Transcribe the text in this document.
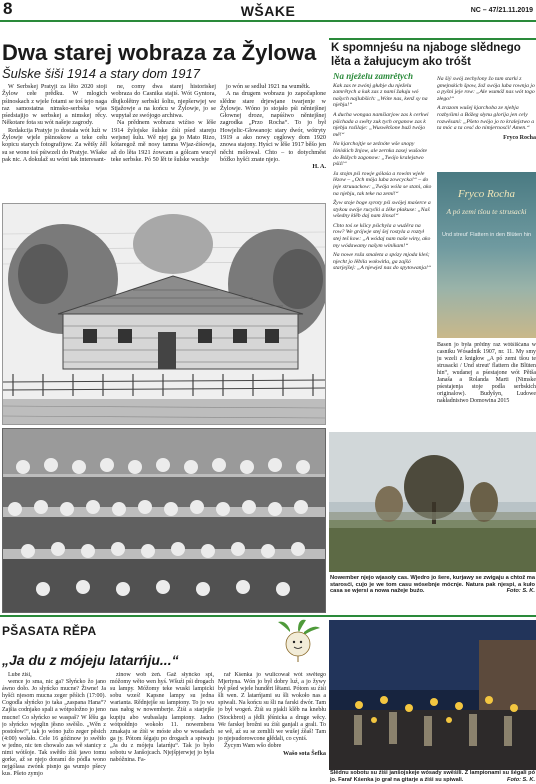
8	WŠAKE	NC – 47/21.11.2019
Dwa starej wobraza za Žylowa
Šulske šiši 1914 a stary dom 1917

W Serbskej Pratyji za lěto 2020 stoji Žylow cełe prědku. W mlogich pśinoskach z wjele fotami se toś tejo naga raz samostatna nimsko-serbska wjas pśedstajijo w serbskej a nimskej rěcy. Někotare fota su wót našeje zagrody.

Redakcija Pratyje jo dostała wót luźi w Žylowje wjele pśinoskow a teke cełu kopicu starych fotografijow. Za wětšy źěl su se wone toś pśiwzeli do Pratyje. Wšake pak nic. A dokulaž su wóni tak interesant-

ne, comy dwa starej historiskej wobraza do Casnika stajiś. Wót Gyntora, dłujkolětny serbski šoltu, njepšerwjej we Stjažowje a na końcu w Žylowje, jo se wupytał ze swójogo archiwa.

Na prědnem wobrazu wiźiso w lěše 1914 žylojske šulske źiśi pśed stareju wejsnej šulu. Wě njej ga jo Mato Rizo, kótaregož mě nosy tamna Wjaz-źiśowja, až do lěta 1921 źowcam a gólcam wucył teke serbske. Pó 50 lět te šulske wuchje

jo wón se sedluł 1921 na wumětk.

A na drugem wobrazu jo započaplone slědne stare drjewjane twarjenje w Žylowje. Wóno jo stojało pśi něntejšnej Głownej droze, napśśiwo něntejšnej zagrodka „Przo Rocha“. To jo był Howjelic-Głowanojc stary dwór, wótryty 1919 a ako nowy cęglowy dom 1920 znowa stajony. Hyści w lěše 1917 běšo jen něcht mólował. Chto – to dotychměst bóžko hyšći znate njejo.

H. A.
K spomnjeśu na njaboge slědnego lěta a žałujucym ako tróšt
Na nježelu zamrětych
Kak zas te zwónj głubje du nježelu zamrětych a kak zas z namí žałuju wó našych najlubšich: „Wóte nas, kenž sy na njebju!“
A ducha wongaa namšiarjow zas k cerkwi pśichada a swěty zuk tych organow zas k njebju roźilaje: „Wuswětšone buźi twójo mě!“
Na kjarchojtje se zeźnóte wše snopy lóniskich žnjow, ale zernka zasej wušoóte do Bóžych zagonow: „Twójo kralejstwo pśiź!“
Ja stojm pśi rowje gólaśa a rowim wjele lězow – „Och mója luba zowcycka!“ – do jeje struuackow: „Twója wóla se stani, ako na njebju, tak teke na zemi!“
Žyw stoje boge syroty pśi swójej maśerce a stykou swóje rucyćki a źěke płakuse: „Naš wšedny klěb daj nam źinsa!“
Chto toś se kšicy pśichyla a wuźěra na row? We grójwje stej šej rostyla a roztył stej teš kow: „A wódaj nam naše winy, ako my wódawamy našym winikam!“
Na nowe roža smaleta a spózy mjoda kleś; njecht jo lěbila wokwitla, ga zajšó starjejšej: „A njewjeź nas do spytowanja!“
Na šiý swój zechylony žo tam starki z gmejnskich špow, žož swója luba rownja jo a pyšni jeje row: „Ale wumóž nas wót togo złego!“
A zrazom wušej kjarchoba ze njebja rozbyśimi a Bóžeg słynu glorija jen cely rozwěsaní: „Pšeto twójo jo to kralejstwo a ta móc a ta cesć do nimjernosći! Amen.“
Fryco Rocha
Fryco Rocha
A pó zemi tšou te strusacki
Und streut' Flattern in den Blüten hin
Basen jo była prědny raz wótśišćana w casniku Wósadnik 1907, nr. 11. My smy ju wzeli z knigłow „A pó zemi tšou te strusacki / Und streut' flattern die Blüten hin“, wudanej a pśestajone wót Pětša Janaša a Rolanda Marti (Nimske pśestajenja stoje podla serbskich originalow). Budyšyn, Ludowe nakładnistwo Domowina 2015
Nowember njejo wjasoły cas. Wjedro jo šere, kurjawy se zwigaju a chtož ma starosći, cujo je we tom casu wósebnje mócnje. Natura pak njespi, a kuło casa se wjersi a nowa nažeje buźo.	Foto: S. K.
PŠASATA RĚPA
„Ja du z mójeju latarńju...“

Lube źiśi,

wence jo sma, nic ga? Słyńcko žo jano áwno doło. Jo słyńcko mucne? Žiwne! Ja hyšći njesom mucna zeger pěśich (17:00). Cogodla słyńcko jo taka „zaspana Hana“? Zajšia codnjako spali a wótpoložno jo jeno mucne! Co słyńcko se waspaš? W lěšu ga jo słyńcko wjeglin jěsno swěślo. „Wěn z postołow!“, tak jo wóno južo zeger pěsich (4:00) wołało. Cele 16 góźinow jo swětło w jedno, nic ten chowalo zas wě stanicy z nimi wótšoje. Tak swětło źiśi jawo tomu gorke, až se njejo doramí do pódla wono nejgólasa zwónk pisnjo ga wumjo pšecy kus. Pšeto zymjo

zinow wob źeń. Gaž słyńcko spi, móžomy wěto wen hyś. Wšuźi pśi drogach su lampy. Móžomy teke wuski lampicki sobu wześ! Kapsne lampy su jedna warianta. Rědnjejše su lampiony. To jo wu nas nałog w nowemberje. Źiśi a starjejše kupiju abo wubaslaju lampiony. Jadno wótpołdnjo wokoło 11. nowembera zmakaju se źiśi w móste abo w wosadach ga jy. Pótom šégaju po drogach a spiwaju „Ja du z mójeju latarńju“. Tak jo było sobotu w Janšojcach. Njejšpjerwjej jo była nabóžnina. Fa-

rař Kśenka jo wulicował wót swětego Mjertyna. Wón jo był dobry luź, a jo žywy był pšed wjele hunděrt lětami. Pótom su źiśi šli wen. Z latarńjami su šli wokoło nas a spiwali. Na końcu su šli na farski dwór. Tam jo był wogeń. Źiśi su pjakli klěb na knebłu (Stockbrot) a jědli jěśnicka a druge wěcy. We farskej brožni su źiśi ganjali a grali. To se wě, aź su se zemlili we wušej źěaš! Tam jo njejsudorowcone głědali, co cyniś.

Žycym Wam wšo dobre

Wašo sota Šefka
Slědnu sobotu su źiśi janšojskeje wósady swěśili. Z lampionami su šégali pó jo. Farař Kśenka jo grał na gitarje a źiśi su spiwali.	Foto: S. K.
